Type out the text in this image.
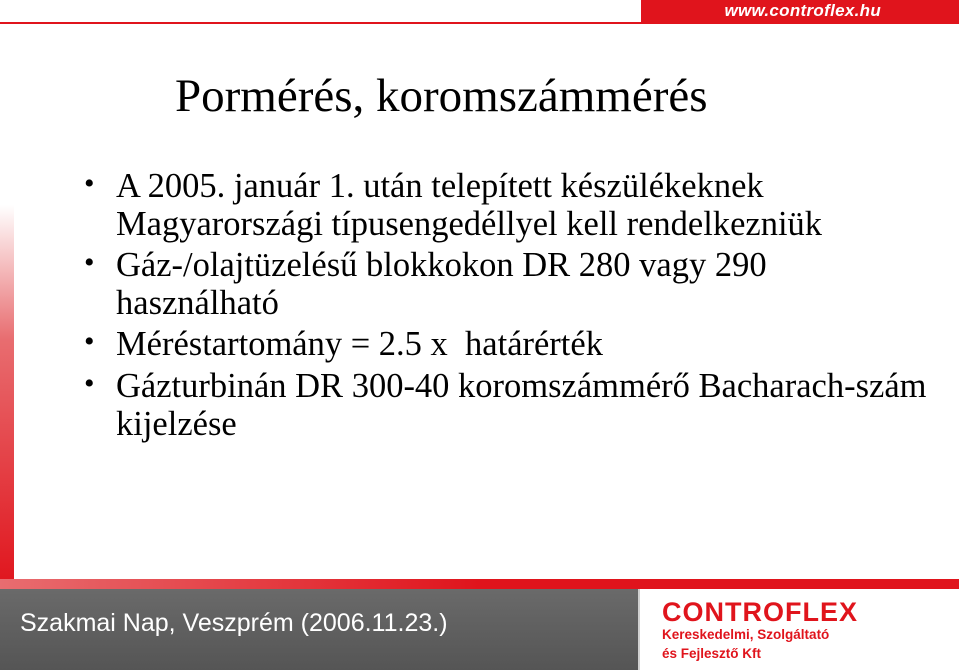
www.controflex.hu
Pormérés, koromszámmérés
• A 2005. január 1. után telepített készülékeknek Magyarországi típusengedéllyel kell rendelkezniük
• Gáz-/olajtüzelésű blokkokon DR 280 vagy 290 használható
• Méréstartomány = 2.5 x  határérték
• Gázturbinán DR 300-40 koromszámmérő Bacharach-szám kijelzése
Szakmai Nap, Veszprém (2006.11.23.)	CONTROFLEX
Kereskedelmi, Szolgáltató
és Fejlesztő Kft
